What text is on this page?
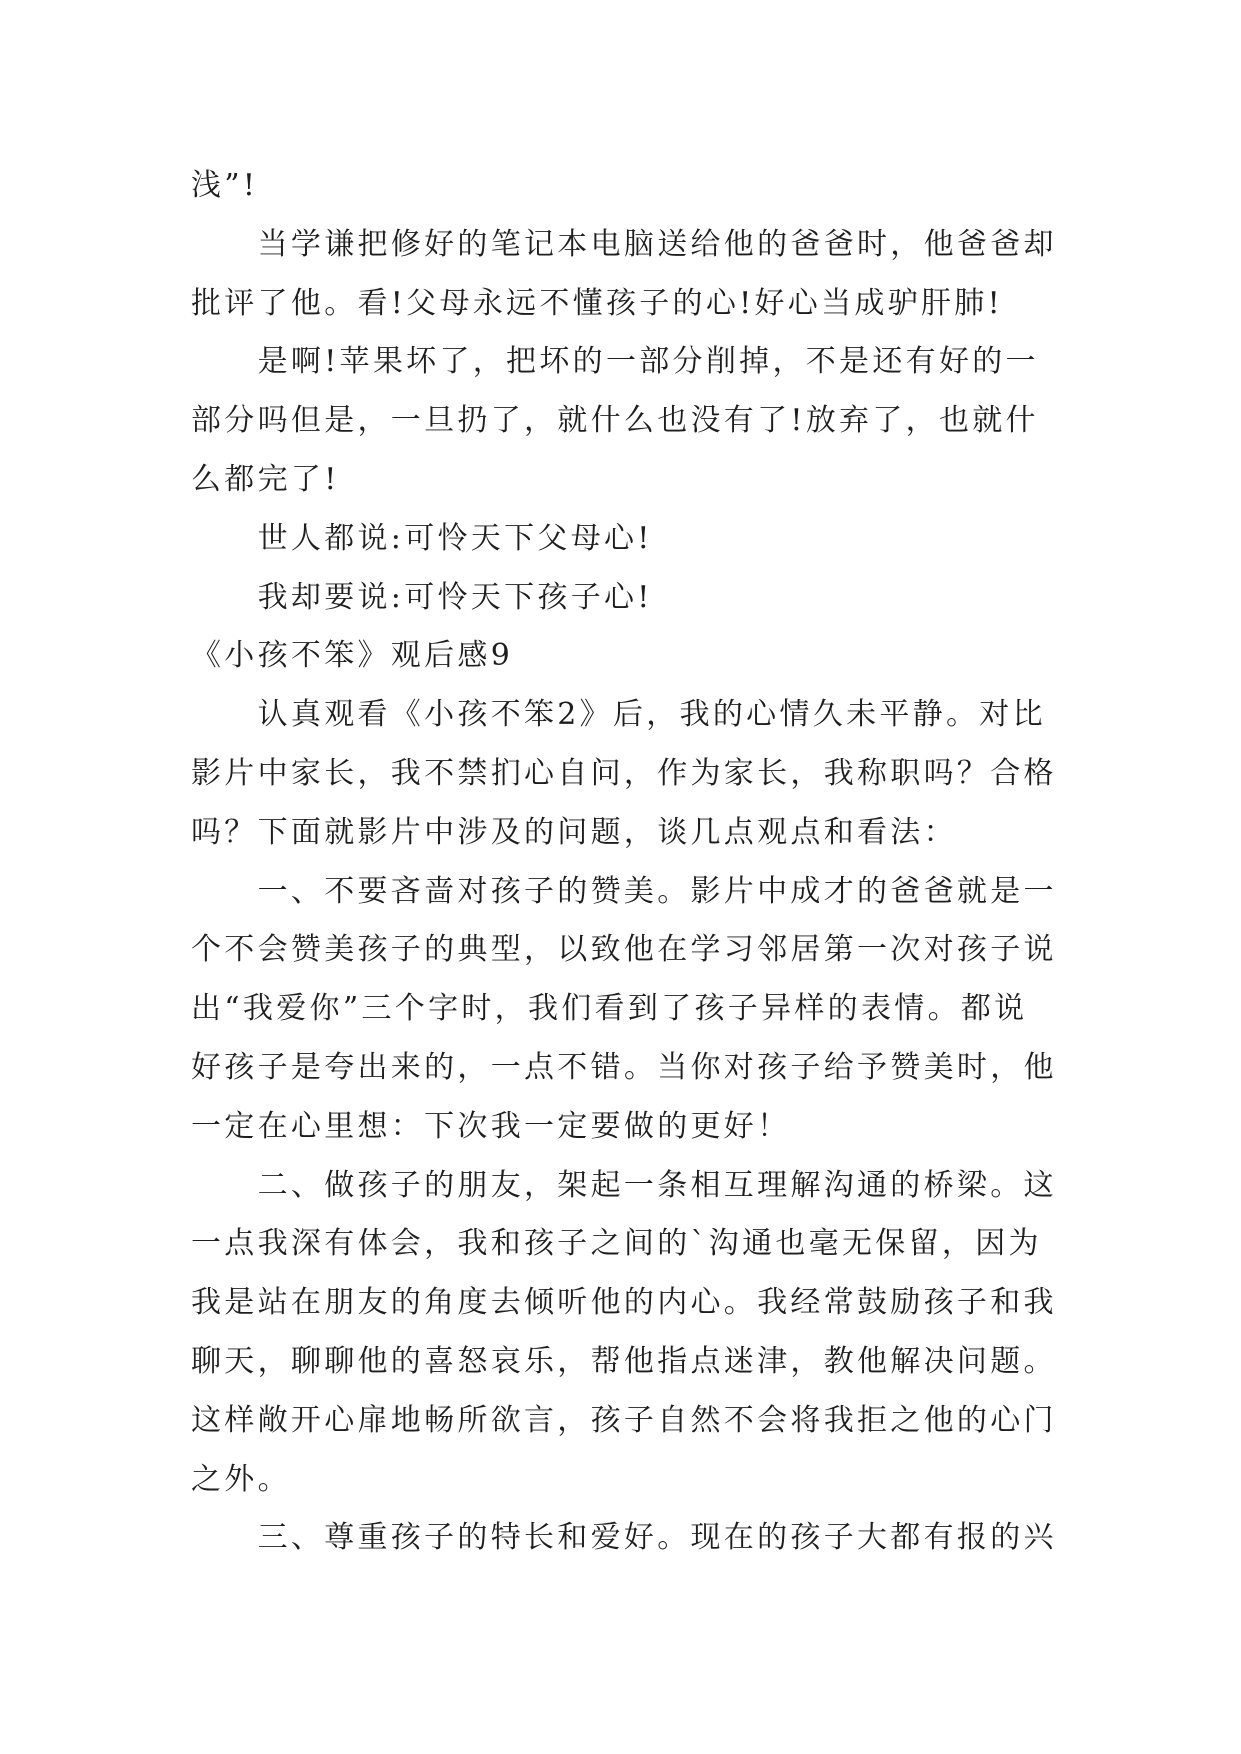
浅”!
当学谦把修好的笔记本电脑送给他的爸爸时，他爸爸却
批评了他。看!父母永远不懂孩子的心!好心当成驴肝肺!
是啊!苹果坏了，把坏的一部分削掉，不是还有好的一
部分吗但是，一旦扔了，就什么也没有了!放弃了，也就什
么都完了!
世人都说:可怜天下父母心!
我却要说:可怜天下孩子心!
《小孩不笨》观后感9
认真观看《小孩不笨2》后，我的心情久未平静。对比
影片中家长，我不禁扪心自问，作为家长，我称职吗？合格
吗？下面就影片中涉及的问题，谈几点观点和看法：
一、不要吝啬对孩子的赞美。影片中成才的爸爸就是一
个不会赞美孩子的典型，以致他在学习邻居第一次对孩子说
出“我爱你”三个字时，我们看到了孩子异样的表情。都说
好孩子是夸出来的，一点不错。当你对孩子给予赞美时，他
一定在心里想：下次我一定要做的更好！
二、做孩子的朋友，架起一条相互理解沟通的桥梁。这
一点我深有体会，我和孩子之间的`沟通也毫无保留，因为
我是站在朋友的角度去倾听他的内心。我经常鼓励孩子和我
聊天，聊聊他的喜怒哀乐，帮他指点迷津，教他解决问题。
这样敞开心扉地畅所欲言，孩子自然不会将我拒之他的心门
之外。
三、尊重孩子的特长和爱好。现在的孩子大都有报的兴
